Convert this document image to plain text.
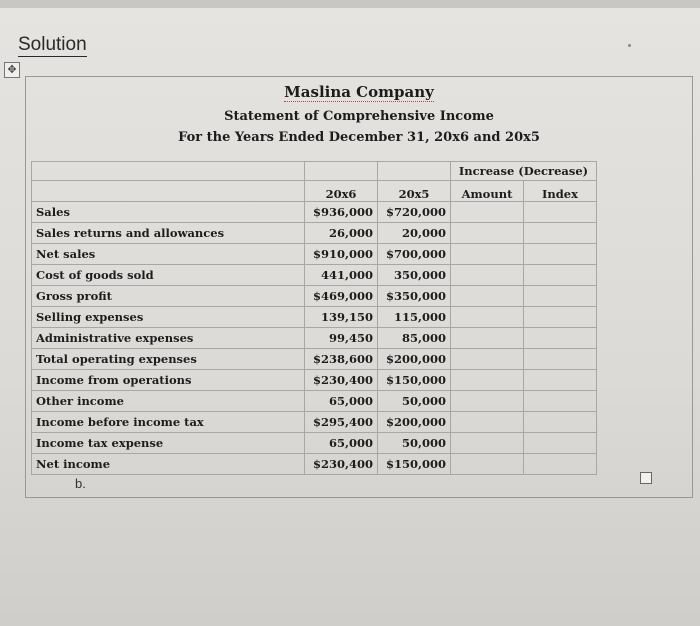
Solution
✥
Maslina Company
Statement of Comprehensive Income
For the Years Ended December 31, 20x6 and 20x5
			Increase (Decrease)	
	20x6	20x5	Amount	Index
Sales	$936,000	$720,000		
Sales returns and allowances	26,000	20,000		
Net sales	$910,000	$700,000		
Cost of goods sold	441,000	350,000		
Gross profit	$469,000	$350,000		
Selling expenses	139,150	115,000		
Administrative expenses	99,450	85,000		
Total operating expenses	$238,600	$200,000		
Income from operations	$230,400	$150,000		
Other income	65,000	50,000		
Income before income tax	$295,400	$200,000		
Income tax expense	65,000	50,000		
Net income	$230,400	$150,000		
b.
